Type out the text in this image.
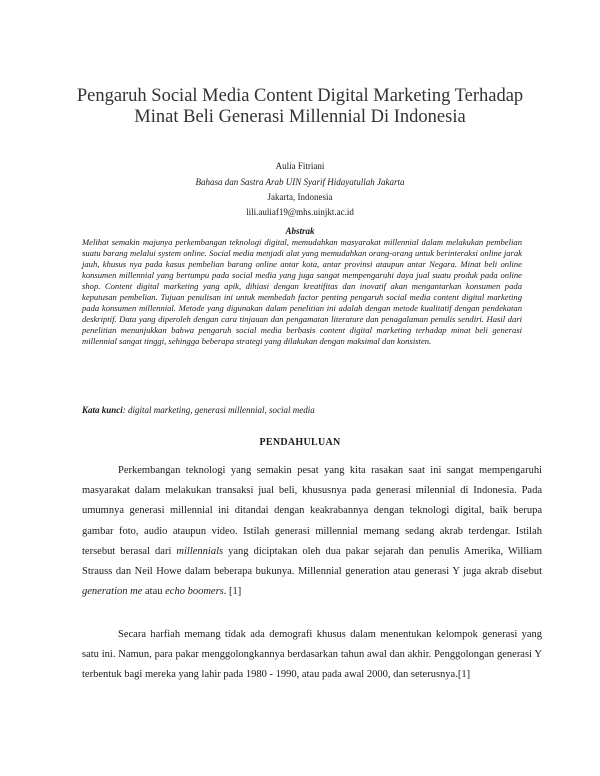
Pengaruh Social Media Content Digital Marketing Terhadap Minat Beli Generasi Millennial Di Indonesia
Aulia Fitriani
Bahasa dan Sastra Arab UIN Syarif Hidayatullah Jakarta
Jakarta, Indonesia
lili.auliaf19@mhs.uinjkt.ac.id
Abstrak

Melihat semakin majunya perkembangan teknologi digital, memudahkan masyarakat millennial dalam melakukan pembelian suatu barang melalui system online. Social media menjadi alat yang memudahkan orang-orang untuk berinteraksi online jarak jauh, khusus nya pada kasus pembelian barang online antar kota, antar provinsi ataupun antar Negara. Minat beli online konsumen millennial yang bertumpu pada social media yang juga sangat mempengaruhi daya jual suatu produk pada online shop. Content digital marketing yang apik, dihiasi dengan kreatifitas dan inovatif akan mengantarkan konsumen pada keputusan pembelian. Tujuan penulisan ini untuk membedah factor penting pengaruh social media content digital marketing pada konsumen millennial. Metode yang digunakan dalam penelitian ini adalah dengan metode kualitatif dengan pendekatan deskriptif. Data yang diperoleh dengan cara tinjauan dan pengamatan literature dan penagalaman penulis sendiri. Hasil dari penelitian menunjukkan bahwa pengaruh social media berbasis content digital marketing terhadap minat beli generasi millennial sangat tinggi, sehingga beberapa strategi yang dilakukan dengan maksimal dan konsisten.

Kata kunci: digital marketing, generasi millennial, social media
PENDAHULUAN

Perkembangan teknologi yang semakin pesat yang kita rasakan saat ini sangat mempengaruhi masyarakat dalam melakukan transaksi jual beli, khususnya pada generasi milennial di Indonesia. Pada umumnya generasi millennial ini ditandai dengan keakrabannya dengan teknologi digital, baik berupa gambar foto, audio ataupun video. Istilah generasi millennial memang sedang akrab terdengar. Istilah tersebut berasal dari millennials yang diciptakan oleh dua pakar sejarah dan penulis Amerika, William Strauss dan Neil Howe dalam beberapa bukunya. Millennial generation atau generasi Y juga akrab disebut generation me atau echo boomers. [1]

Secara harfiah memang tidak ada demografi khusus dalam menentukan kelompok generasi yang satu ini. Namun, para pakar menggolongkannya berdasarkan tahun awal dan akhir. Penggolongan generasi Y terbentuk bagi mereka yang lahir pada 1980 - 1990, atau pada awal 2000, dan seterusnya.[1]
